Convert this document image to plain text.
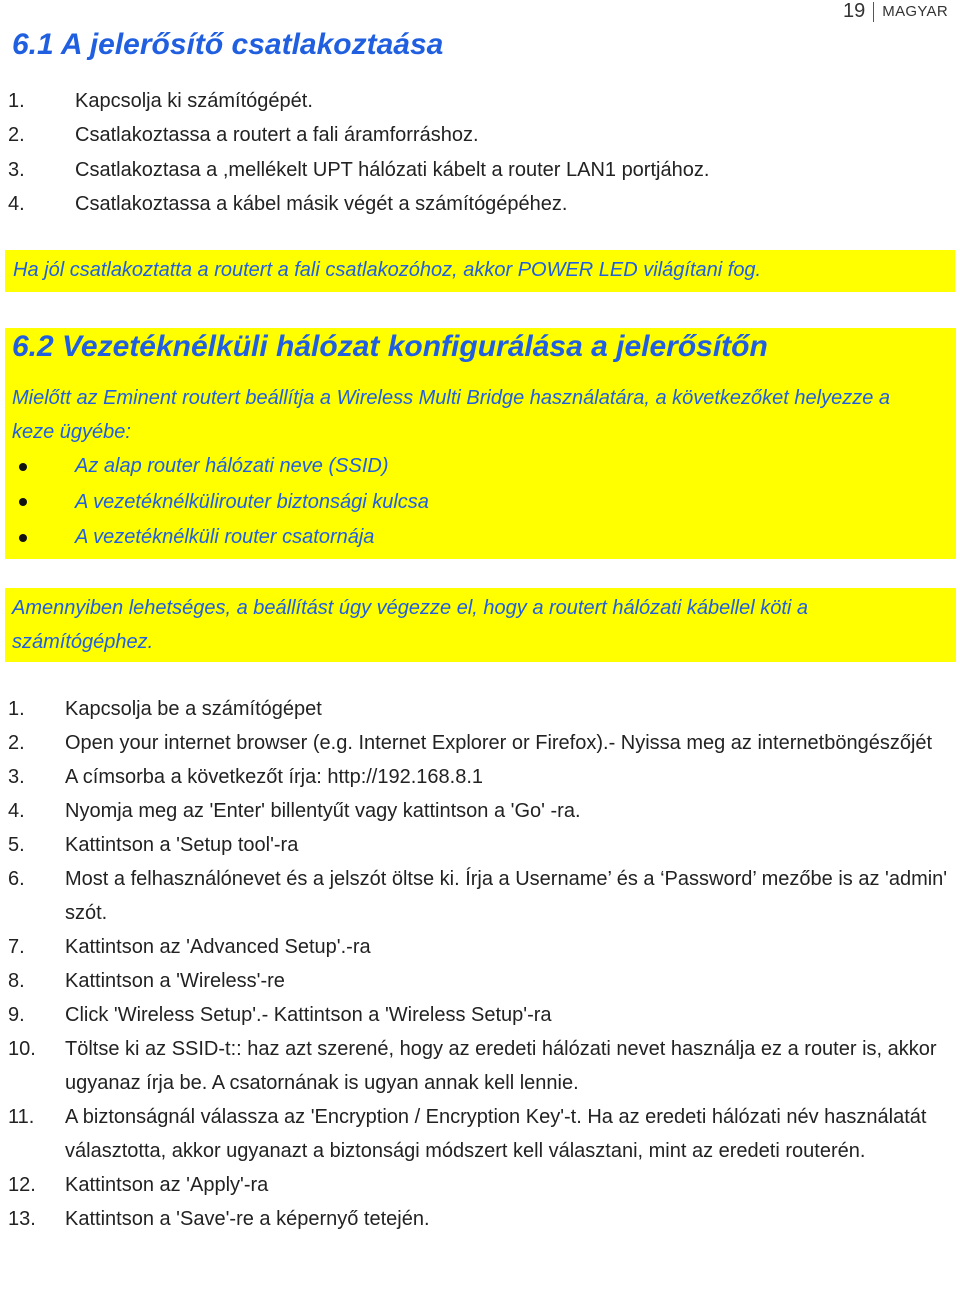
19 MAGYAR
6.1 A jelerősítő csatlakoztaása
1.	Kapcsolja ki számítógépét.
2.	Csatlakoztassa a routert a fali áramforráshoz.
3.	Csatlakoztasa a ,mellékelt UPT hálózati kábelt a router LAN1 portjához.
4.	Csatlakoztassa a kábel másik végét a számítógépéhez.
Ha jól csatlakoztatta a routert a fali csatlakozóhoz, akkor POWER LED világítani fog.
6.2 Vezetéknélküli hálózat konfigurálása a jelerősítőn
Mielőtt az Eminent routert beállítja a Wireless Multi Bridge használatára, a következőket helyezze a keze ügyébe:
Az alap router hálózati neve (SSID)
A vezetéknélkülirouter biztonsági kulcsa
A vezetéknélküli router csatornája
Amennyiben lehetséges, a beállítást úgy végezze el, hogy a routert hálózati kábellel köti a számítógéphez.
1.	Kapcsolja be a számítógépet
2.	Open your internet browser (e.g. Internet Explorer or Firefox).- Nyissa meg az internetböngészőjét
3.	A címsorba a következőt írja: http://192.168.8.1
4.	Nyomja meg az 'Enter' billentyűt vagy kattintson a 'Go' -ra.
5.	Kattintson a 'Setup tool'-ra
6.	Most a felhasználónevet és a jelszót öltse ki. Írja a Username’ és a ‘Password’ mezőbe is az 'admin' szót.
7.	Kattintson az 'Advanced Setup'.-ra
8.	Kattintson a 'Wireless'-re
9.	Click 'Wireless Setup'.- Kattintson a 'Wireless Setup'-ra
10.	Töltse ki az SSID-t:: haz azt szerené, hogy az eredeti hálózati nevet használja ez a router is, akkor ugyanaz írja be. A csatornának is ugyan annak kell lennie.
11.	A biztonságnál válassza az 'Encryption / Encryption Key'-t. Ha az eredeti hálózati név használatát választotta, akkor ugyanazt a biztonsági módszert kell választani, mint az eredeti routerén.
12.	Kattintson az 'Apply'-ra
13.	Kattintson a 'Save'-re a képernyő tetején.
